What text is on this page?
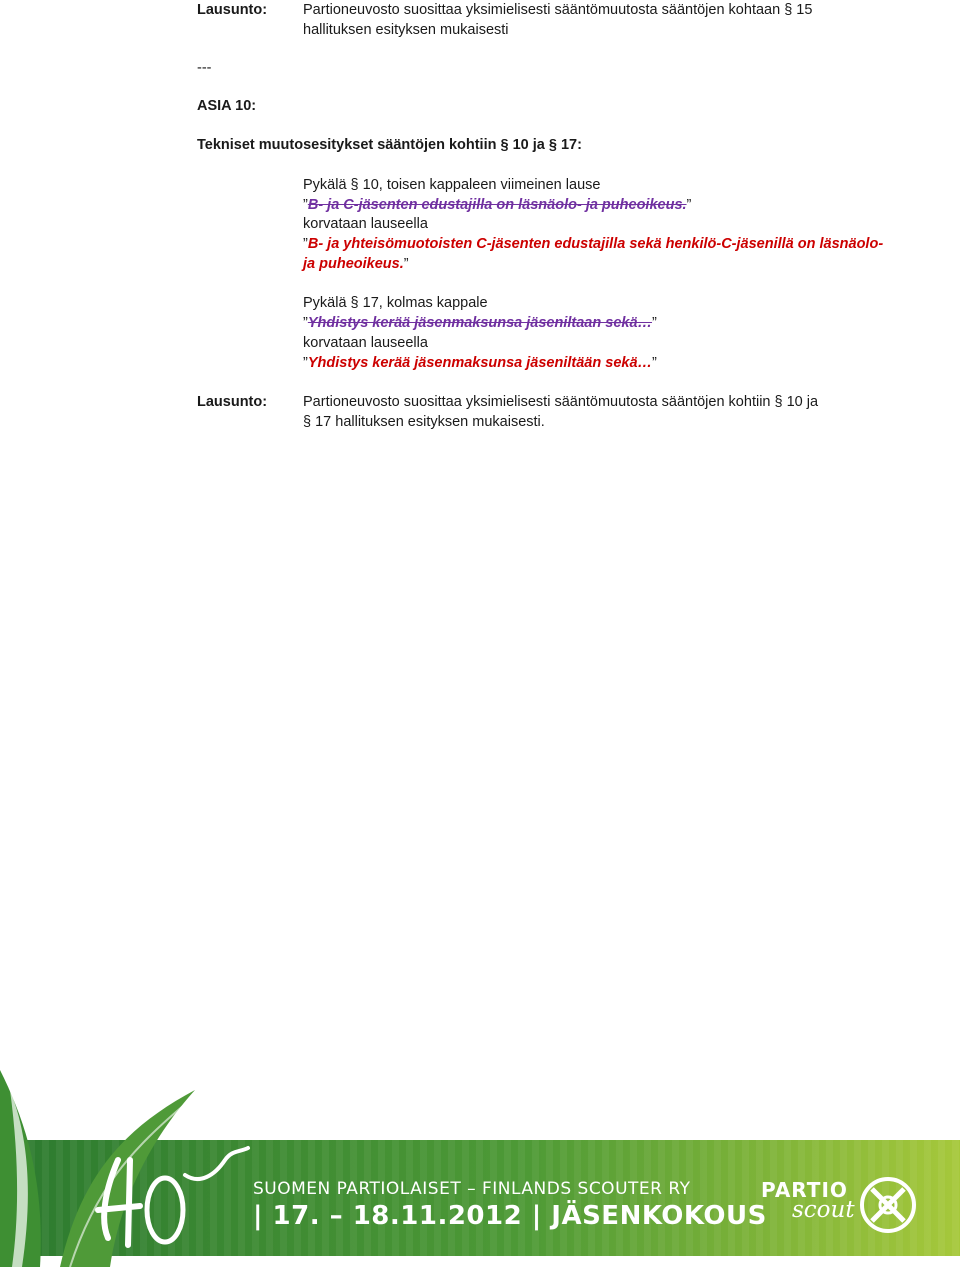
Lausunto: Partioneuvosto suosittaa yksimielisesti sääntömuutosta sääntöjen kohtaan § 15
hallituksen esityksen mukaisesti
---
ASIA 10:
Tekniset muutosesitykset sääntöjen kohtiin § 10 ja § 17:
Pykälä § 10, toisen kappaleen viimeinen lause
”B- ja C-jäsenten edustajilla on läsnäolo- ja puheoikeus.”
korvataan lauseella
”B- ja yhteisömuotoisten C-jäsenten edustajilla sekä henkilö-C-jäsenillä on läsnäolo-
ja puheoikeus.”
Pykälä § 17, kolmas kappale
”Yhdistys kerää jäsenmaksunsa jäseniltaan sekä…”
korvataan lauseella
”Yhdistys kerää jäsenmaksunsa jäseniltään sekä…”
Lausunto: Partioneuvosto suosittaa yksimielisesti sääntömuutosta sääntöjen kohtiin § 10 ja
§ 17 hallituksen esityksen mukaisesti.
SUOMEN PARTIOLAISET – FINLANDS SCOUTER RY
| 17. – 18.11.2012 | JÄSENKOKOUS
PARTIO
scout
